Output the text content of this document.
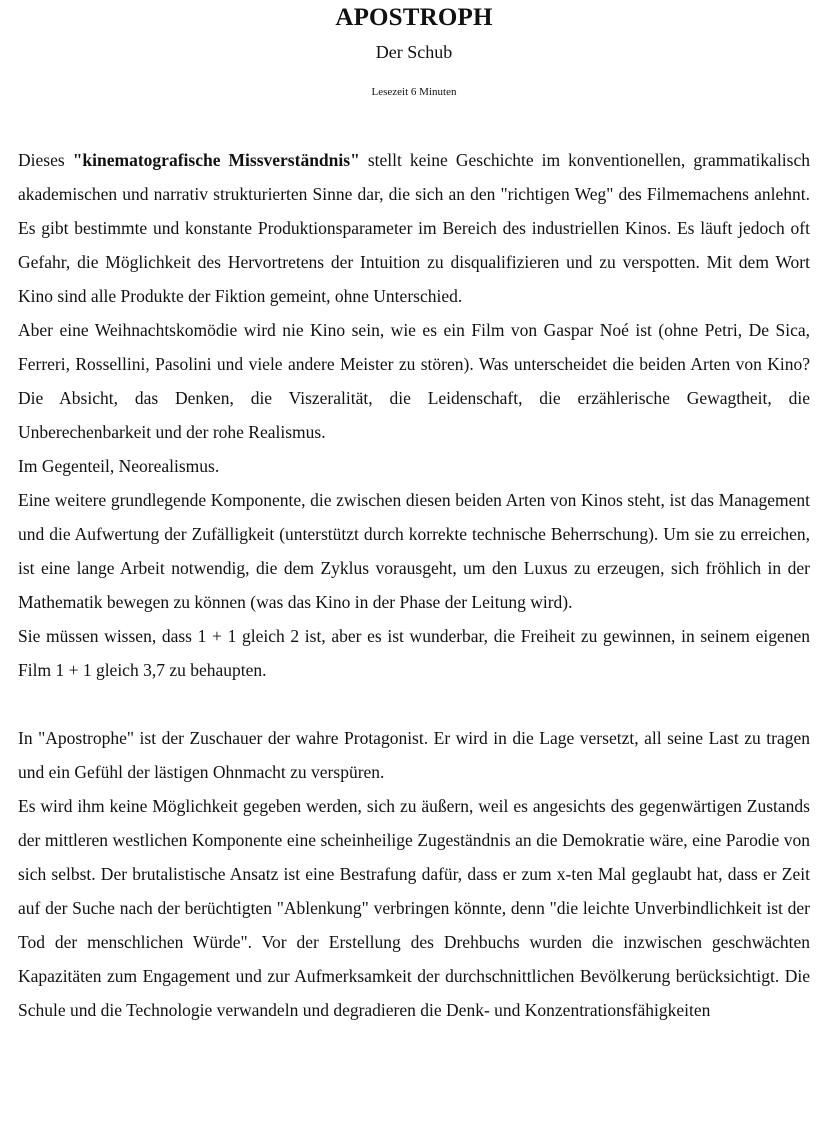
APOSTROPH
Der Schub
Lesezeit 6 Minuten

Dieses "kinematografische Missverständnis" stellt keine Geschichte im konventionellen, grammatikalisch akademischen und narrativ strukturierten Sinne dar, die sich an den "richtigen Weg" des Filmemachens anlehnt. Es gibt bestimmte und konstante Produktionsparameter im Bereich des industriellen Kinos. Es läuft jedoch oft Gefahr, die Möglichkeit des Hervortretens der Intuition zu disqualifizieren und zu verspotten. Mit dem Wort Kino sind alle Produkte der Fiktion gemeint, ohne Unterschied.

Aber eine Weihnachtskomödie wird nie Kino sein, wie es ein Film von Gaspar Noé ist (ohne Petri, De Sica, Ferreri, Rossellini, Pasolini und viele andere Meister zu stören). Was unterscheidet die beiden Arten von Kino? Die Absicht, das Denken, die Viszeralität, die Leidenschaft, die erzählerische Gewagtheit, die Unberechenbarkeit und der rohe Realismus.

Im Gegenteil, Neorealismus.

Eine weitere grundlegende Komponente, die zwischen diesen beiden Arten von Kinos steht, ist das Management und die Aufwertung der Zufälligkeit (unterstützt durch korrekte technische Beherrschung). Um sie zu erreichen, ist eine lange Arbeit notwendig, die dem Zyklus vorausgeht, um den Luxus zu erzeugen, sich fröhlich in der Mathematik bewegen zu können (was das Kino in der Phase der Leitung wird).

Sie müssen wissen, dass 1 + 1 gleich 2 ist, aber es ist wunderbar, die Freiheit zu gewinnen, in seinem eigenen Film 1 + 1 gleich 3,7 zu behaupten.

In "Apostrophe" ist der Zuschauer der wahre Protagonist. Er wird in die Lage versetzt, all seine Last zu tragen und ein Gefühl der lästigen Ohnmacht zu verspüren.

Es wird ihm keine Möglichkeit gegeben werden, sich zu äußern, weil es angesichts des gegenwärtigen Zustands der mittleren westlichen Komponente eine scheinheilige Zugeständnis an die Demokratie wäre, eine Parodie von sich selbst. Der brutalistische Ansatz ist eine Bestrafung dafür, dass er zum x-ten Mal geglaubt hat, dass er Zeit auf der Suche nach der berüchtigten "Ablenkung" verbringen könnte, denn "die leichte Unverbindlichkeit ist der Tod der menschlichen Würde". Vor der Erstellung des Drehbuchs wurden die inzwischen geschwächten Kapazitäten zum Engagement und zur Aufmerksamkeit der durchschnittlichen Bevölkerung berücksichtigt. Die Schule und die Technologie verwandeln und degradieren die Denk- und Konzentrationsfähigkeiten
